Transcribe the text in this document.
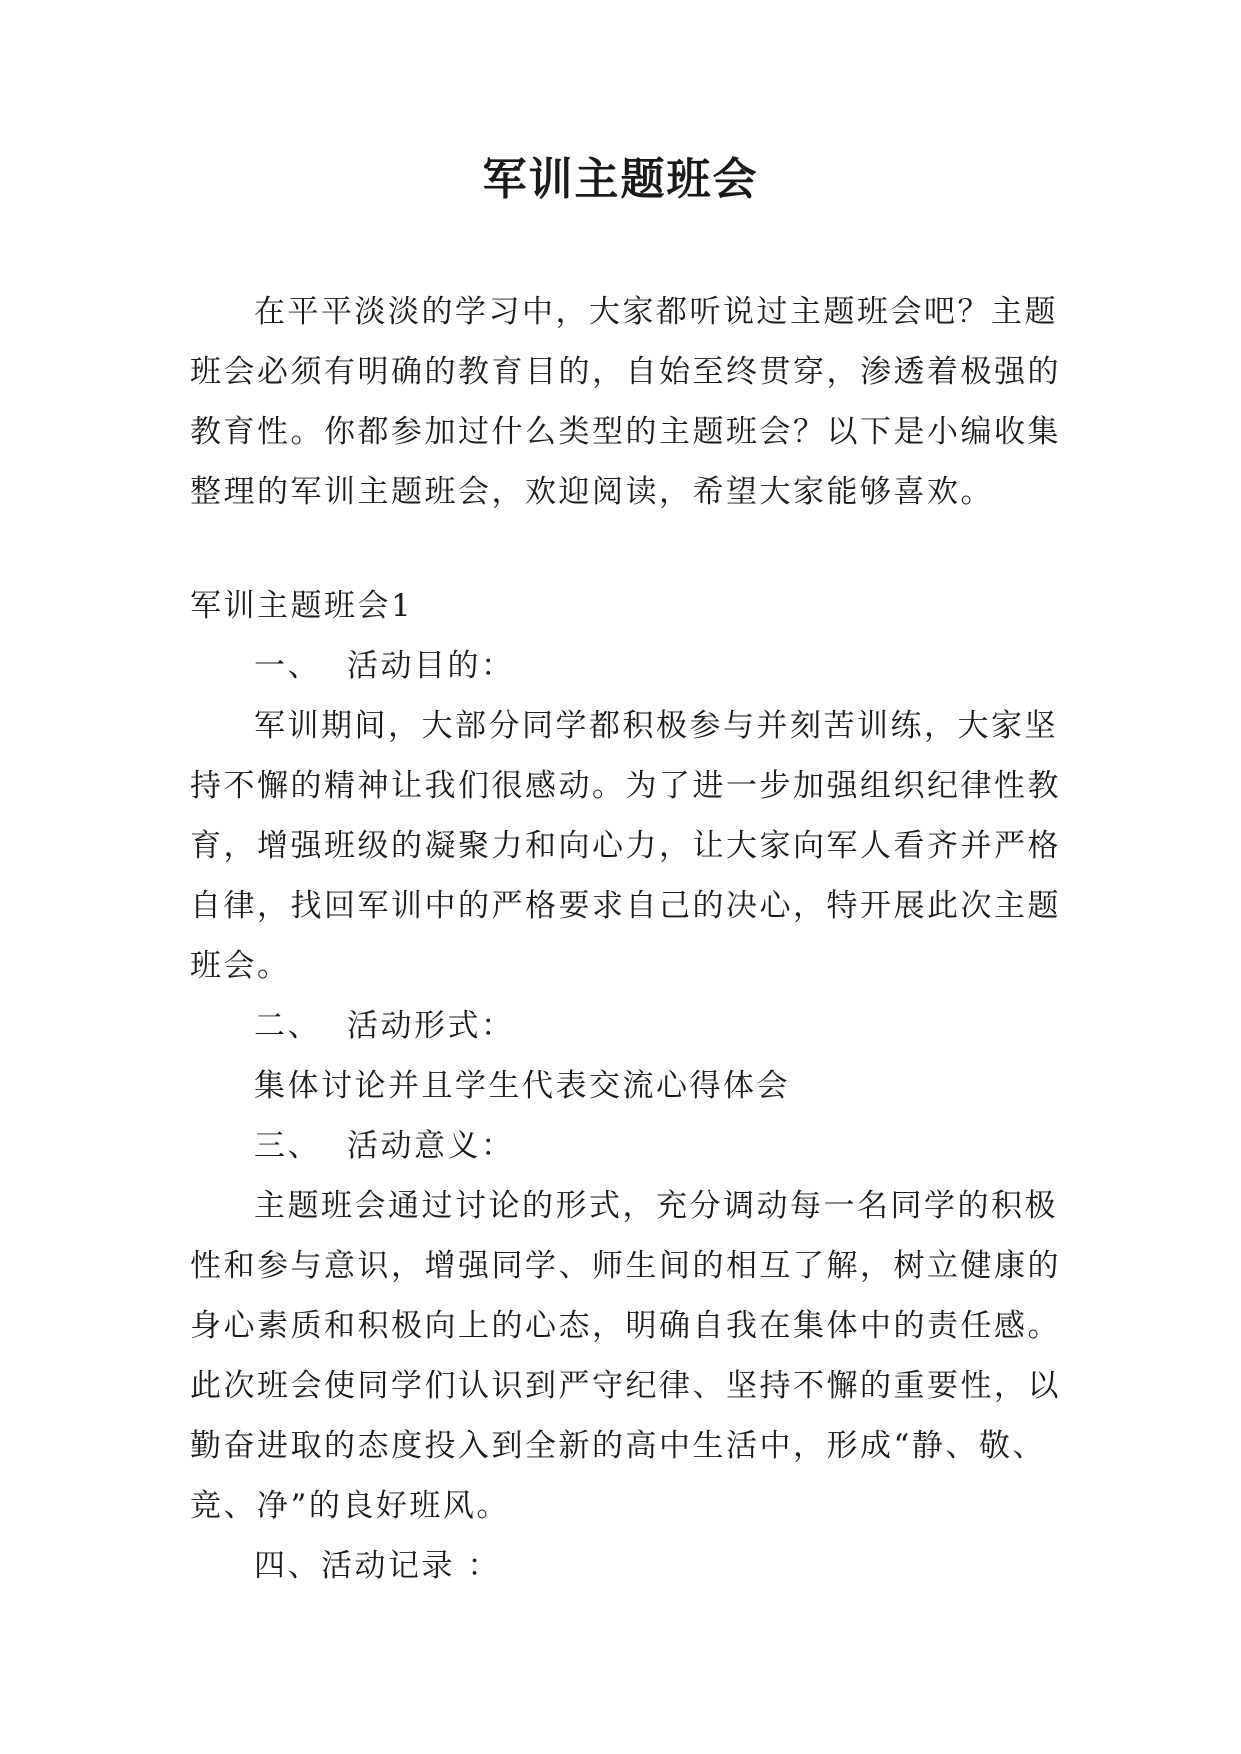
军训主题班会
在平平淡淡的学习中，大家都听说过主题班会吧？主题
班会必须有明确的教育目的，自始至终贯穿，渗透着极强的
教育性。你都参加过什么类型的主题班会？以下是小编收集
整理的军训主题班会，欢迎阅读，希望大家能够喜欢。
军训主题班会1
一、 活动目的：
军训期间，大部分同学都积极参与并刻苦训练，大家坚
持不懈的精神让我们很感动。为了进一步加强组织纪律性教
育，增强班级的凝聚力和向心力，让大家向军人看齐并严格
自律，找回军训中的严格要求自己的决心，特开展此次主题
班会。
二、 活动形式：
集体讨论并且学生代表交流心得体会
三、 活动意义：
主题班会通过讨论的形式，充分调动每一名同学的积极
性和参与意识，增强同学、师生间的相互了解，树立健康的
身心素质和积极向上的心态，明确自我在集体中的责任感。
此次班会使同学们认识到严守纪律、坚持不懈的重要性，以
勤奋进取的态度投入到全新的高中生活中，形成“静、敬、
竞、净”的良好班风。
四、活动记录 ：
